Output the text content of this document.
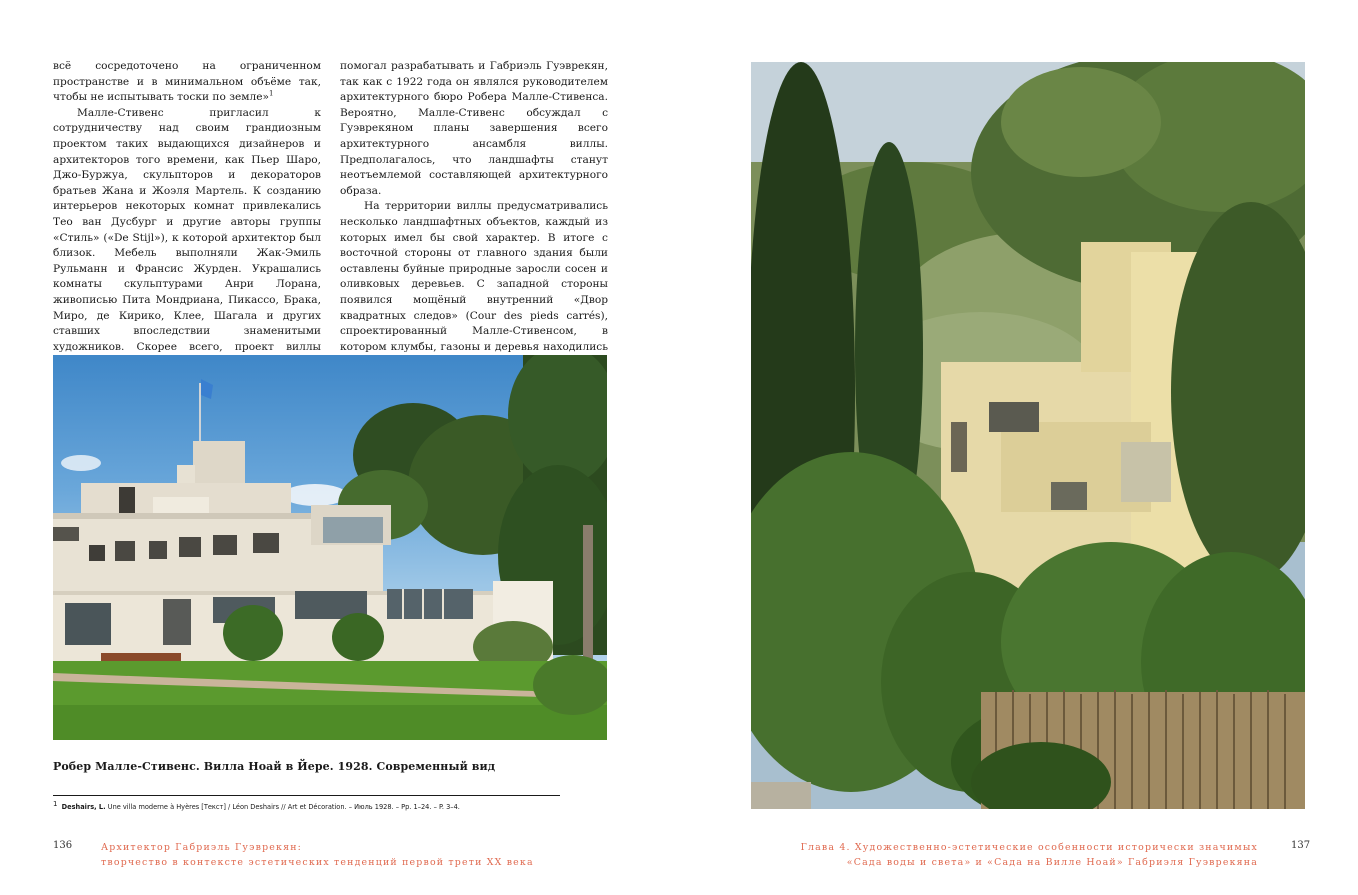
всё сосредоточено на ограниченном пространстве и в минимальном объёме так, чтобы не испытывать тоски по земле»$^1$

Малле-Стивенс пригласил к сотрудничеству над своим грандиозным проектом таких выдающихся дизайнеров и архитекторов того времени, как Пьер Шаро, Джо-Буржуа, скульпторов и декораторов братьев Жана и Жоэля Мартель. К созданию интерьеров некоторых комнат привлекались Тео ван Дусбург и другие авторы группы «Стиль» («De Stijl»), к которой архитектор был близок. Мебель выполняли Жак-Эмиль Рульманн и Франсис Журден. Украшались комнаты скульптурами Анри Лорана, живописью Пита Мондриана, Пикассо, Брака, Миро, де Кирико, Клее, Шагала и других ставших впоследствии знаменитыми художников. Скорее всего, проект виллы

помогал разрабатывать и Габриэль Гуэврекян, так как с 1922 года он являлся руководителем архитектурного бюро Робера Малле-Стивенса. Вероятно, Малле-Стивенс обсуждал с Гуэврекяном планы завершения всего архитектурного ансамбля виллы. Предполагалось, что ландшафты станут неотъемлемой составляющей архитектурного образа.

На территории виллы предусматривались несколько ландшафтных объектов, каждый из которых имел бы свой характер. В итоге с восточной стороны от главного здания были оставлены буйные природные заросли сосен и оливковых деревьев. С западной стороны появился мощёный внутренний «Двор квадратных следов» (Cour des pieds carrés), спроектированный Малле-Стивенсом, в котором клумбы, газоны и деревья находились

Робер Малле-Стивенс. Вилла Ноай в Йере. 1928. Современный вид
$^1$ Deshairs, L. Une villa moderne à Hyères [Текст] / Léon Deshairs // Art et Décoration. – Июль 1928. – Pp. 1–24. – P. 3–4.
136	Архитектор Габриэль Гуэврекян:
творчество в контексте эстетических тенденций первой трети XX века
Глава 4. Художественно-эстетические особенности исторически значимых
«Сада воды и света» и «Сада на Вилле Ноай» Габриэля Гуэврекяна
137
